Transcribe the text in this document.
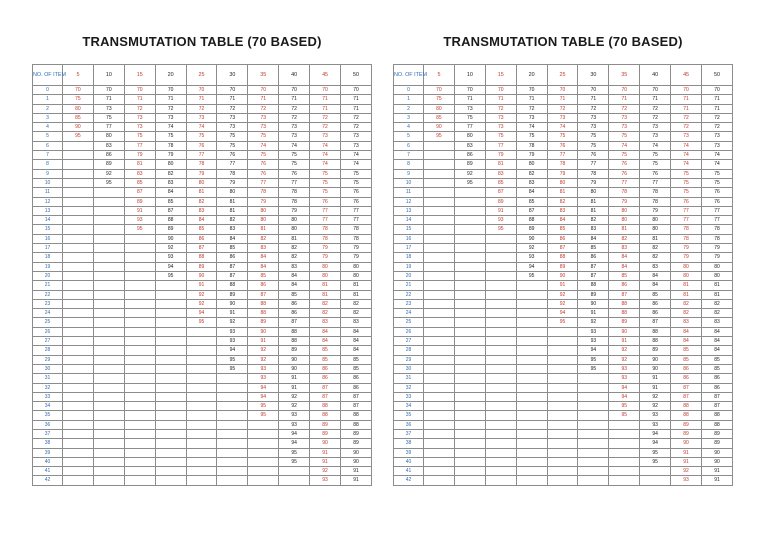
TRANSMUTATION TABLE (70 BASED)
NO. OF ITEM	5	10	15	20	25	30	35	40	45	50
0	70	70	70	70	70	70	70	70	70	70
1	75	71	71	71	71	71	71	71	71	71
2	80	73	72	72	72	72	72	72	71	71
3	85	75	73	73	73	73	73	72	72	72
4	90	77	73	74	74	73	73	73	72	72
5	95	80	75	75	75	75	75	73	73	73
6		83	77	78	76	75	74	74	74	73
7		86	79	79	77	76	75	75	74	74
8		89	81	80	78	77	76	75	74	74
9		92	83	82	79	78	76	76	75	75
10		95	85	83	80	79	77	77	75	75
11			87	84	81	80	78	78	75	76
12			89	85	82	81	79	78	76	76
13			91	87	83	81	80	79	77	77
14			93	88	84	82	80	80	77	77
15			95	89	85	83	81	80	78	78
16				90	86	84	82	81	78	78
17				92	87	85	83	82	79	79
18				93	88	86	84	82	79	79
19				94	89	87	84	83	80	80
20				95	90	87	85	84	80	80
21					91	88	86	84	81	81
22					92	89	87	85	81	81
23					92	90	88	86	82	82
24					94	91	88	86	82	82
25					95	92	89	87	83	83
26						93	90	88	84	84
27						93	91	88	84	84
28						94	92	89	85	84
29						95	92	90	85	85
30						95	93	90	86	85
31							93	91	86	86
32							94	91	87	86
33							94	92	87	87
34							95	92	88	87
35							95	93	88	88
36								93	89	88
37								94	89	89
38								94	90	89
39								95	91	90
40								95	91	90
41									92	91
42									93	91
TRANSMUTATION TABLE (70 BASED)
NO. OF ITEM	5	10	15	20	25	30	35	40	45	50
0	70	70	70	70	70	70	70	70	70	70
1	75	71	71	71	71	71	71	71	71	71
2	80	73	72	72	72	72	72	72	71	71
3	85	75	73	73	73	73	73	72	72	72
4	90	77	73	74	74	73	73	73	72	72
5	95	80	75	75	75	75	75	73	73	73
6		83	77	78	76	75	74	74	74	73
7		86	79	79	77	76	75	75	74	74
8		89	81	80	78	77	76	75	74	74
9		92	83	82	79	78	76	76	75	75
10		95	85	83	80	79	77	77	75	75
11			87	84	81	80	78	78	75	76
12			89	85	82	81	79	78	76	76
13			91	87	83	81	80	79	77	77
14			93	88	84	82	80	80	77	77
15			95	89	85	83	81	80	78	78
16				90	86	84	82	81	78	78
17				92	87	85	83	82	79	79
18				93	88	86	84	82	79	79
19				94	89	87	84	83	80	80
20				95	90	87	85	84	80	80
21					91	88	86	84	81	81
22					92	89	87	85	81	81
23					92	90	88	86	82	82
24					94	91	88	86	82	82
25					95	92	89	87	83	83
26						93	90	88	84	84
27						93	91	88	84	84
28						94	92	89	85	84
29						95	92	90	85	85
30						95	93	90	86	85
31							93	91	86	86
32							94	91	87	86
33							94	92	87	87
34							95	92	88	87
35							95	93	88	88
36								93	89	88
37								94	89	89
38								94	90	89
39								95	91	90
40								95	91	90
41									92	91
42									93	91
